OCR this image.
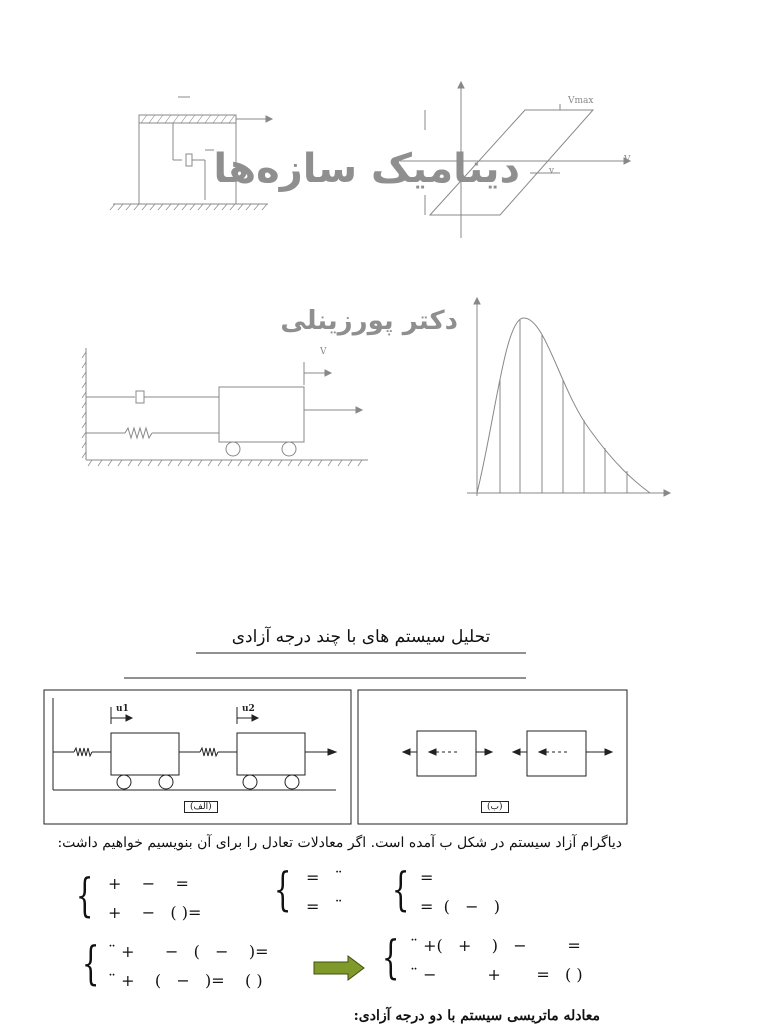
دینامیک سازه‌ها
دکتر پورزینلی
Vmax
V
v
V
تحلیل سیستم های با چند درجه آزادی
u1	u2
(الف)	(ب)
دیاگرام آزاد سیستم در شکل ب آمده است. اگر معادلات تعادل را برای آن بنویسیم خواهیم داشت:
{ +    −    =
+    −   ( )= { =   ¨
=   ¨ { =
=  (   −   )
{ ¨ +      −   (   −    )=
¨ +    (   −   )=    ( )	{ ¨ +(   +    )   −        =
¨ −          +       =   ( )
معادله ماتریسی سیستم با دو درجه آزادی:
